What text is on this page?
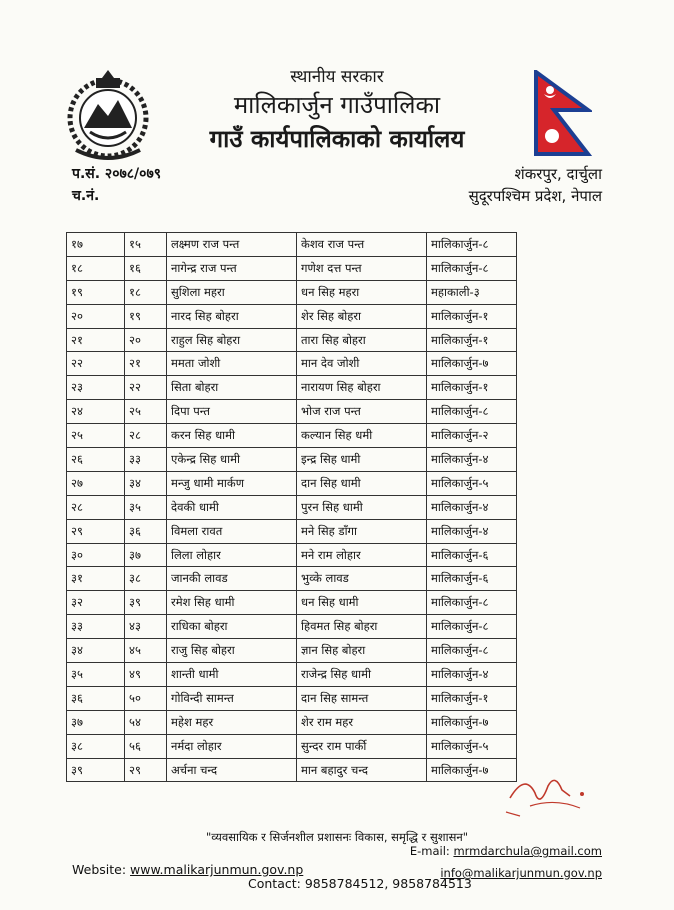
स्थानीय सरकार
मालिकार्जुन गाउँपालिका
गाउँ कार्यपालिकाको कार्यालय
प.सं. २०७८/०७९
च.नं.
शंकरपुर, दार्चुला
सुदूरपश्चिम प्रदेश, नेपाल
१७	१५	लक्ष्मण राज पन्त	केशव राज पन्त	मालिकार्जुन-८
१८	१६	नागेन्द्र राज पन्त	गणेश दत्त पन्त	मालिकार्जुन-८
१९	१८	सुशिला महरा	धन सिह महरा	महाकाली-३
२०	१९	नारद सिह बोहरा	शेर सिह बोहरा	मालिकार्जुन-१
२१	२०	राहुल सिह बोहरा	तारा सिह बोहरा	मालिकार्जुन-१
२२	२१	ममता जोशी	मान देव जोशी	मालिकार्जुन-७
२३	२२	सिता बोहरा	नारायण सिह बोहरा	मालिकार्जुन-१
२४	२५	दिपा पन्त	भोज राज पन्त	मालिकार्जुन-८
२५	२८	करन सिह धामी	कल्यान सिह धमी	मालिकार्जुन-२
२६	३३	एकेन्द्र सिह धामी	इन्द्र सिह धामी	मालिकार्जुन-४
२७	३४	मन्जु धामी मार्कण	दान सिह धामी	मालिकार्जुन-५
२८	३५	देवकी धामी	पुरन सिह धामी	मालिकार्जुन-४
२९	३६	विमला रावत	मने सिह डाँगा	मालिकार्जुन-४
३०	३७	लिला लोहार	मने राम लोहार	मालिकार्जुन-६
३१	३८	जानकी लावड	भुव्के लावड	मालिकार्जुन-६
३२	३९	रमेश सिह धामी	धन सिह धामी	मालिकार्जुन-८
३३	४३	राधिका बोहरा	हिवमत सिह बोहरा	मालिकार्जुन-८
३४	४५	राजु सिह बोहरा	ज्ञान सिह बोहरा	मालिकार्जुन-८
३५	४९	शान्ती धामी	राजेन्द्र सिह धामी	मालिकार्जुन-४
३६	५०	गोविन्दी सामन्त	दान सिह सामन्त	मालिकार्जुन-१
३७	५४	महेश महर	शेर राम महर	मालिकार्जुन-७
३८	५६	नर्मदा लोहार	सुन्दर राम पार्की	मालिकार्जुन-५
३९	२९	अर्चना चन्द	मान बहादुर चन्द	मालिकार्जुन-७
"व्यवसायिक र सिर्जनशील प्रशासनः विकास, समृद्धि र सुशासन"
Website: www.malikarjunmun.gov.np
Contact: 9858784512, 9858784513
E-mail: mrmdarchula@gmail.com
info@malikarjunmun.gov.np
